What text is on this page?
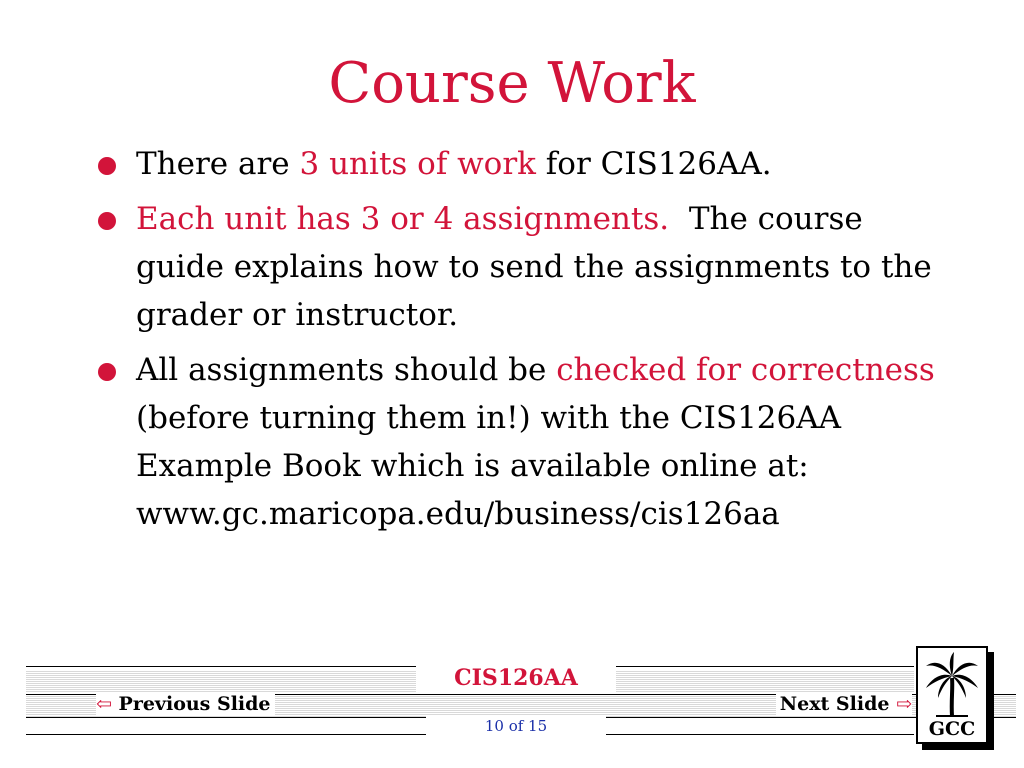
Course Work
There are 3 units of work for CIS126AA.
Each unit has 3 or 4 assignments.  The course guide explains how to send the assignments to the grader or instructor.
All assignments should be checked for correctness (before turning them in!) with the CIS126AA Example Book which is available online at:
www.gc.maricopa.edu/business/cis126aa
CIS126AA
⇦ Previous Slide	Next Slide ⇨
10 of 15	GCC
